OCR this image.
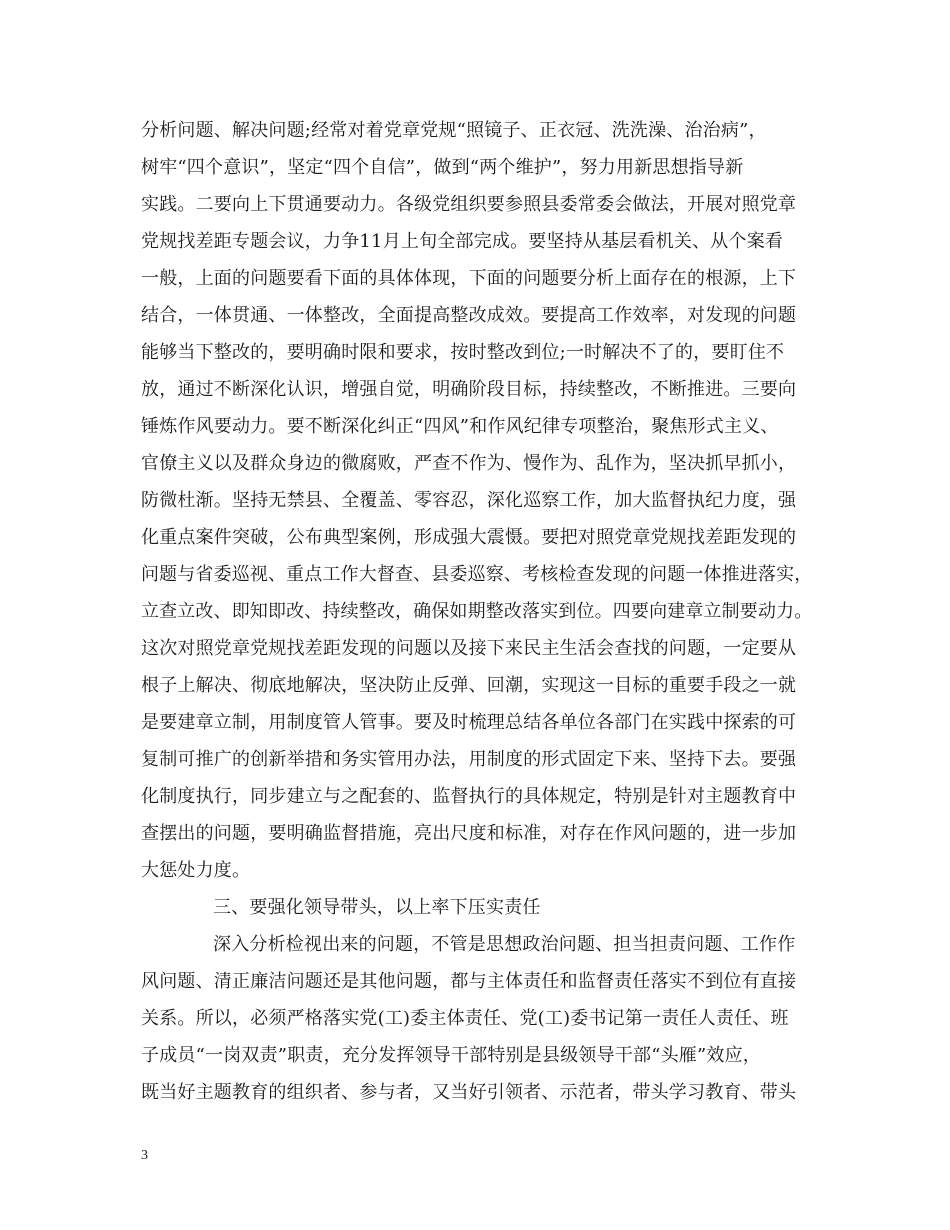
分析问题、解决问题;经常对着党章党规“照镜子、正衣冠、洗洗澡、治治病”，
树牢“四个意识”，坚定“四个自信”，做到“两个维护”，努力用新思想指导新
实践。二要向上下贯通要动力。各级党组织要参照县委常委会做法，开展对照党章
党规找差距专题会议，力争11月上旬全部完成。要坚持从基层看机关、从个案看
一般，上面的问题要看下面的具体体现，下面的问题要分析上面存在的根源，上下
结合，一体贯通、一体整改，全面提高整改成效。要提高工作效率，对发现的问题
能够当下整改的，要明确时限和要求，按时整改到位;一时解决不了的，要盯住不
放，通过不断深化认识，增强自觉，明确阶段目标，持续整改，不断推进。三要向
锤炼作风要动力。要不断深化纠正“四风”和作风纪律专项整治，聚焦形式主义、
官僚主义以及群众身边的微腐败，严查不作为、慢作为、乱作为，坚决抓早抓小，
防微杜渐。坚持无禁县、全覆盖、零容忍，深化巡察工作，加大监督执纪力度，强
化重点案件突破，公布典型案例，形成强大震慑。要把对照党章党规找差距发现的
问题与省委巡视、重点工作大督查、县委巡察、考核检查发现的问题一体推进落实，
立查立改、即知即改、持续整改，确保如期整改落实到位。四要向建章立制要动力。
这次对照党章党规找差距发现的问题以及接下来民主生活会查找的问题，一定要从
根子上解决、彻底地解决，坚决防止反弹、回潮，实现这一目标的重要手段之一就
是要建章立制，用制度管人管事。要及时梳理总结各单位各部门在实践中探索的可
复制可推广的创新举措和务实管用办法，用制度的形式固定下来、坚持下去。要强
化制度执行，同步建立与之配套的、监督执行的具体规定，特别是针对主题教育中
查摆出的问题，要明确监督措施，亮出尺度和标准，对存在作风问题的，进一步加
大惩处力度。
三、要强化领导带头，以上率下压实责任
深入分析检视出来的问题，不管是思想政治问题、担当担责问题、工作作
风问题、清正廉洁问题还是其他问题，都与主体责任和监督责任落实不到位有直接
关系。所以，必须严格落实党(工)委主体责任、党(工)委书记第一责任人责任、班
子成员“一岗双责”职责，充分发挥领导干部特别是县级领导干部“头雁”效应，
既当好主题教育的组织者、参与者，又当好引领者、示范者，带头学习教育、带头
3
